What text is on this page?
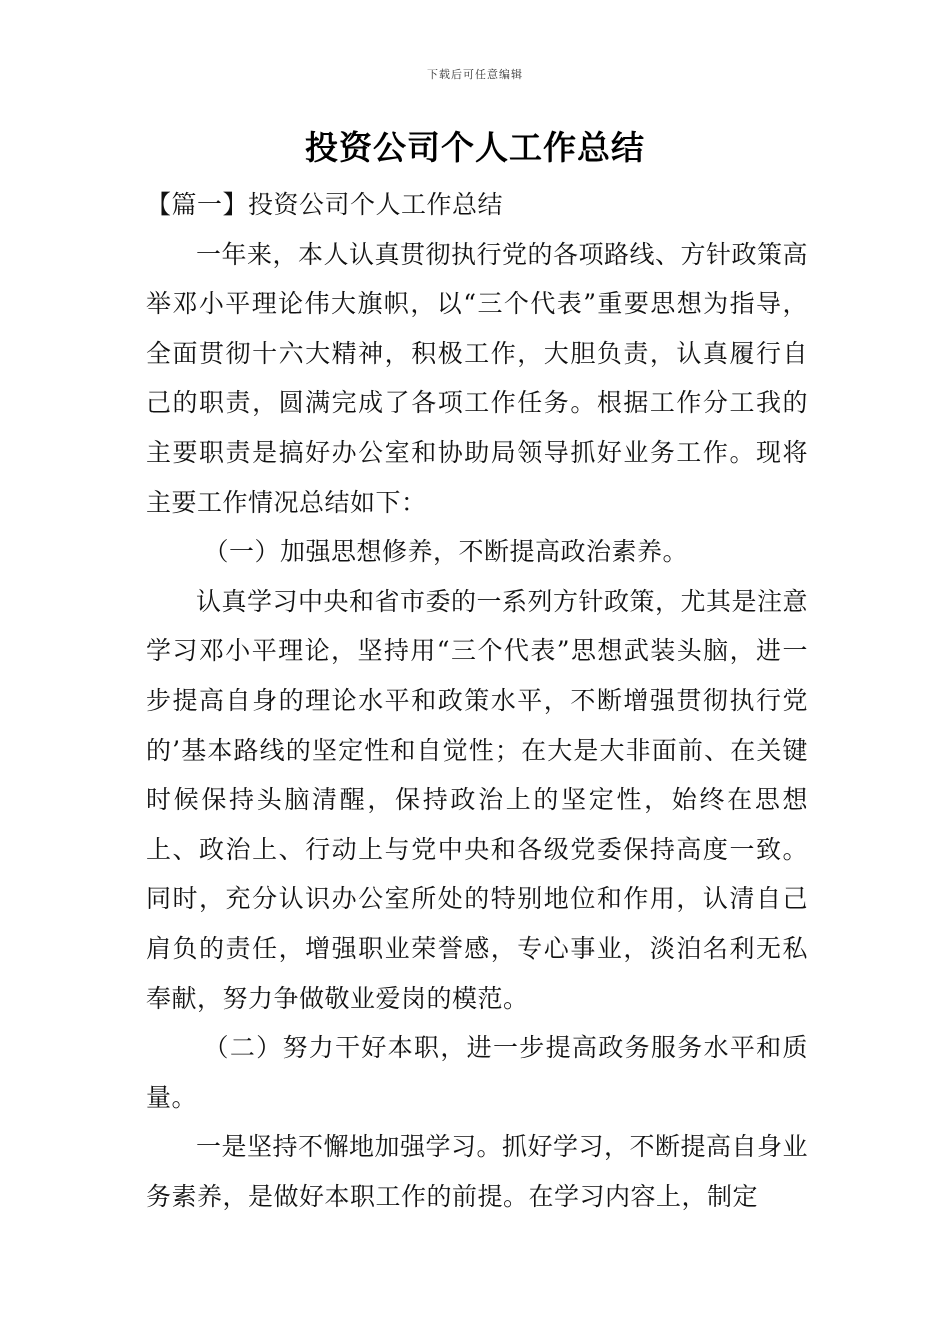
下载后可任意编辑
投资公司个人工作总结

【篇一】投资公司个人工作总结

一年来，本人认真贯彻执行党的各项路线、方针政策高举邓小平理论伟大旗帜，以“三个代表”重要思想为指导，全面贯彻十六大精神，积极工作，大胆负责，认真履行自己的职责，圆满完成了各项工作任务。根据工作分工我的主要职责是搞好办公室和协助局领导抓好业务工作。现将主要工作情况总结如下：

（一）加强思想修养，不断提高政治素养。

认真学习中央和省市委的一系列方针政策，尤其是注意学习邓小平理论，坚持用“三个代表”思想武装头脑，进一步提高自身的理论水平和政策水平，不断增强贯彻执行党的’基本路线的坚定性和自觉性；在大是大非面前、在关键时候保持头脑清醒，保持政治上的坚定性，始终在思想上、政治上、行动上与党中央和各级党委保持高度一致。同时，充分认识办公室所处的特别地位和作用，认清自己肩负的责任，增强职业荣誉感，专心事业，淡泊名利无私奉献，努力争做敬业爱岗的模范。

（二）努力干好本职，进一步提高政务服务水平和质量。

一是坚持不懈地加强学习。抓好学习，不断提高自身业务素养，是做好本职工作的前提。在学习内容上，制定
